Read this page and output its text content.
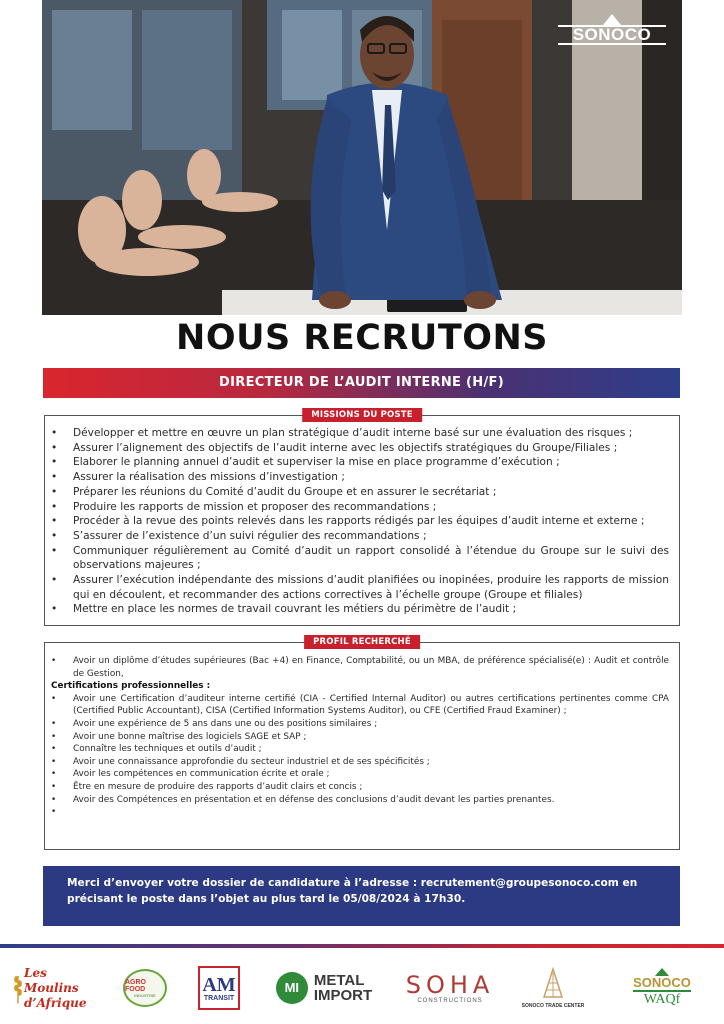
SONOCO
NOUS RECRUTONS
DIRECTEUR DE L’AUDIT INTERNE (H/F)
MISSIONS DU POSTE
• Développer et mettre en œuvre un plan stratégique d’audit interne basé sur une évaluation des risques ;
• Assurer l’alignement des objectifs de l’audit interne avec les objectifs stratégiques du Groupe/Filiales ;
• Elaborer le planning annuel d’audit et superviser la mise en place programme d’exécution ;
• Assurer la réalisation des missions d’investigation ;
• Préparer les réunions du Comité d’audit du Groupe et en assurer le secrétariat ;
• Produire les rapports de mission et proposer des recommandations ;
• Procéder à la revue des points relevés dans les rapports rédigés par les équipes d’audit interne et externe ;
• S’assurer de l’existence d’un suivi régulier des recommandations ;
• Communiquer régulièrement au Comité d’audit un rapport consolidé à l’étendue du Groupe sur le suivi des observations majeures ;
• Assurer l’exécution indépendante des missions d’audit planifiées ou inopinées, produire les rapports de mission qui en découlent, et recommander des actions correctives à l’échelle groupe (Groupe et filiales)
• Mettre en place les normes de travail couvrant les métiers du périmètre de l’audit ;
PROFIL RECHERCHÉ
• Avoir un diplôme d’études supérieures (Bac +4) en Finance, Comptabilité, ou un MBA, de préférence spécialisé(e) : Audit et contrôle de Gestion,
Certifications professionnelles :
• Avoir une Certification d’auditeur interne certifié (CIA - Certified Internal Auditor) ou autres certifications pertinentes comme CPA (Certified Public Accountant), CISA (Certified Information Systems Auditor), ou CFE (Certified Fraud Examiner) ;
• Avoir une expérience de 5 ans dans une ou des positions similaires ;
• Avoir une bonne maîtrise des logiciels SAGE et SAP ;
• Connaître les techniques et outils d’audit ;
• Avoir une connaissance approfondie du secteur industriel et de ses spécificités ;
• Avoir les compétences en communication écrite et orale ;
• Être en mesure de produire des rapports d’audit clairs et concis ;
• Avoir des Compétences en présentation et en défense des conclusions d’audit devant les parties prenantes.
•
Merci d’envoyer votre dossier de candidature à l’adresse : recrutement@groupesonoco.com en précisant le poste dans l’objet au plus tard le 05/08/2024 à 17h30.
Les Moulins
d’Afrique
AGRO FOOD
INDUSTRIE AM
TRANSIT
MI METAL
IMPORT SOHA
CONSTRUCTIONS
SONOCO TRADE CENTER
SONOCO
WAQf
